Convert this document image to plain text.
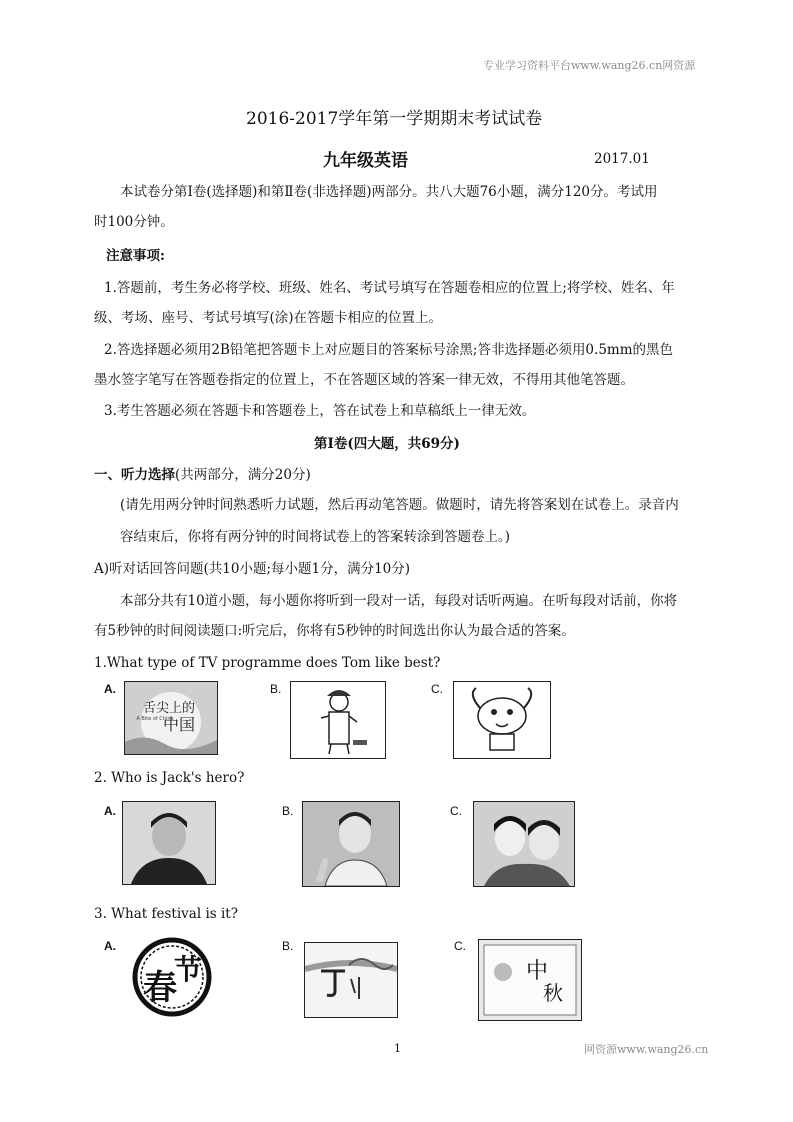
专业学习资料平台www.wang26.cn网资源
2016-2017学年第一学期期末考试试卷
九年级英语	2017.01
本试卷分第Ⅰ卷(选择题)和第Ⅱ卷(非选择题)两部分。共八大题76小题，满分120分。考试用
时100分钟。
注意事项:
1.答题前，考生务必将学校、班级、姓名、考试号填写在答题卷相应的位置上;将学校、姓名、年
级、考场、座号、考试号填写(涂)在答题卡相应的位置上。
2.答选择题必须用2B铅笔把答题卡上对应题目的答案标号涂黑;答非选择题必须用0.5mm的黑色
墨水签字笔写在答题卷指定的位置上，不在答题区域的答案一律无效，不得用其他笔答题。
3.考生答题必须在答题卡和答题卷上，答在试卷上和草稿纸上一律无效。
第Ⅰ卷(四大题，共69分)
一、听力选择(共两部分，满分20分)
(请先用两分钟时间熟悉听力试题，然后再动笔答题。做题时，请先将答案划在试卷上。录音内
容结束后，你将有两分钟的时间将试卷上的答案转涂到答题卷上。)
A)听对话回答问题(共10小题;每小题1分，满分10分)
本部分共有10道小题，每小题你将听到一段对一话，每段对话听两遍。在听每段对话前，你将
有5秒钟的时间阅读题口:听完后，你将有5秒钟的时间选出你认为最合适的答案。
1.What type of TV programme does Tom like best?
A.
舌尖上的
中国
A Bite of China
B.	C.
2. Who is Jack's hero?
A.	B.	C.
3. What festival is it?
A.
春
节
B.	C.
中
秋
1	网资源www.wang26.cn
